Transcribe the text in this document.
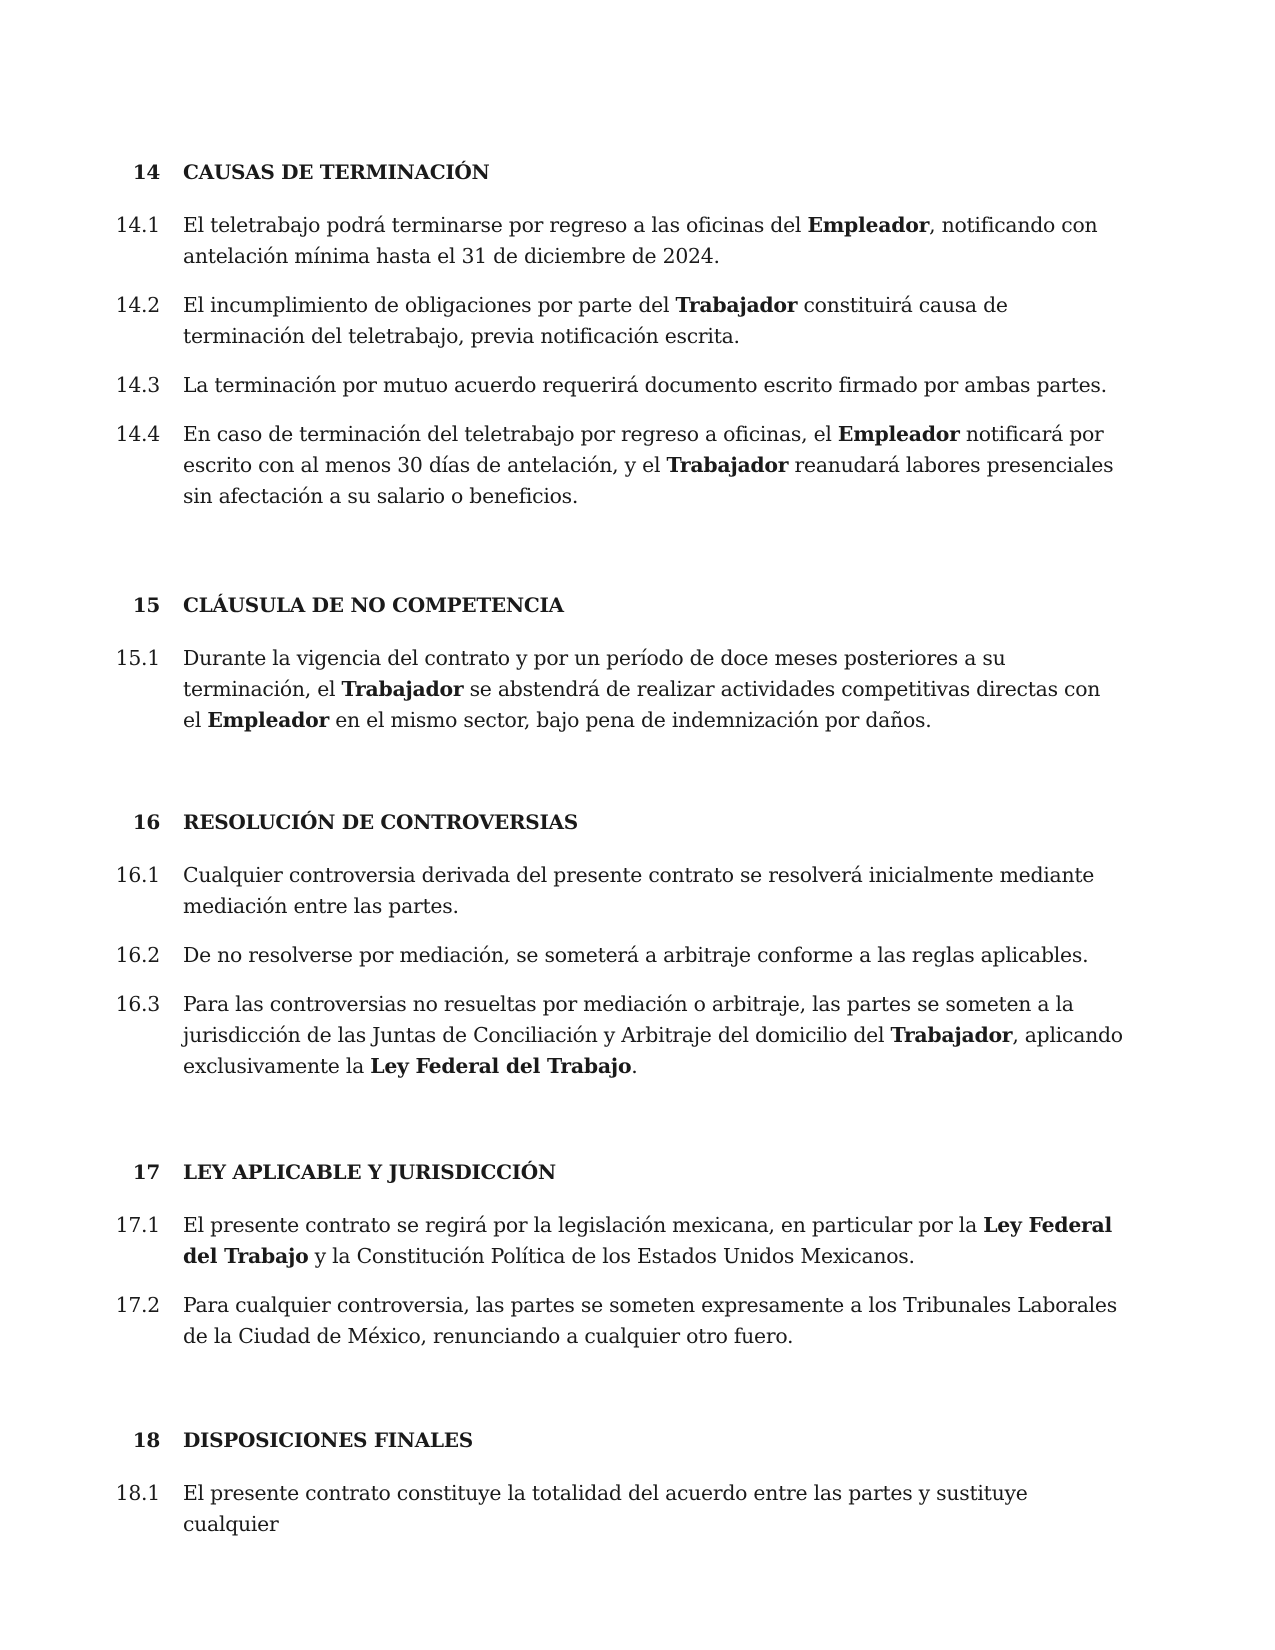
14	CAUSAS DE TERMINACIÓN
14.1	El teletrabajo podrá terminarse por regreso a las oficinas del Empleador, notificando con antelación mínima hasta el 31 de diciembre de 2024.
14.2	El incumplimiento de obligaciones por parte del Trabajador constituirá causa de terminación del teletrabajo, previa notificación escrita.
14.3	La terminación por mutuo acuerdo requerirá documento escrito firmado por ambas partes.
14.4	En caso de terminación del teletrabajo por regreso a oficinas, el Empleador notificará por escrito con al menos 30 días de antelación, y el Trabajador reanudará labores presenciales sin afectación a su salario o beneficios.
15	CLÁUSULA DE NO COMPETENCIA
15.1	Durante la vigencia del contrato y por un período de doce meses posteriores a su terminación, el Trabajador se abstendrá de realizar actividades competitivas directas con el Empleador en el mismo sector, bajo pena de indemnización por daños.
16	RESOLUCIÓN DE CONTROVERSIAS
16.1	Cualquier controversia derivada del presente contrato se resolverá inicialmente mediante mediación entre las partes.
16.2	De no resolverse por mediación, se someterá a arbitraje conforme a las reglas aplicables.
16.3	Para las controversias no resueltas por mediación o arbitraje, las partes se someten a la jurisdicción de las Juntas de Conciliación y Arbitraje del domicilio del Trabajador, aplicando exclusivamente la Ley Federal del Trabajo.
17	LEY APLICABLE Y JURISDICCIÓN
17.1	El presente contrato se regirá por la legislación mexicana, en particular por la Ley Federal del Trabajo y la Constitución Política de los Estados Unidos Mexicanos.
17.2	Para cualquier controversia, las partes se someten expresamente a los Tribunales Laborales de la Ciudad de México, renunciando a cualquier otro fuero.
18	DISPOSICIONES FINALES
18.1	El presente contrato constituye la totalidad del acuerdo entre las partes y sustituye cualquier
